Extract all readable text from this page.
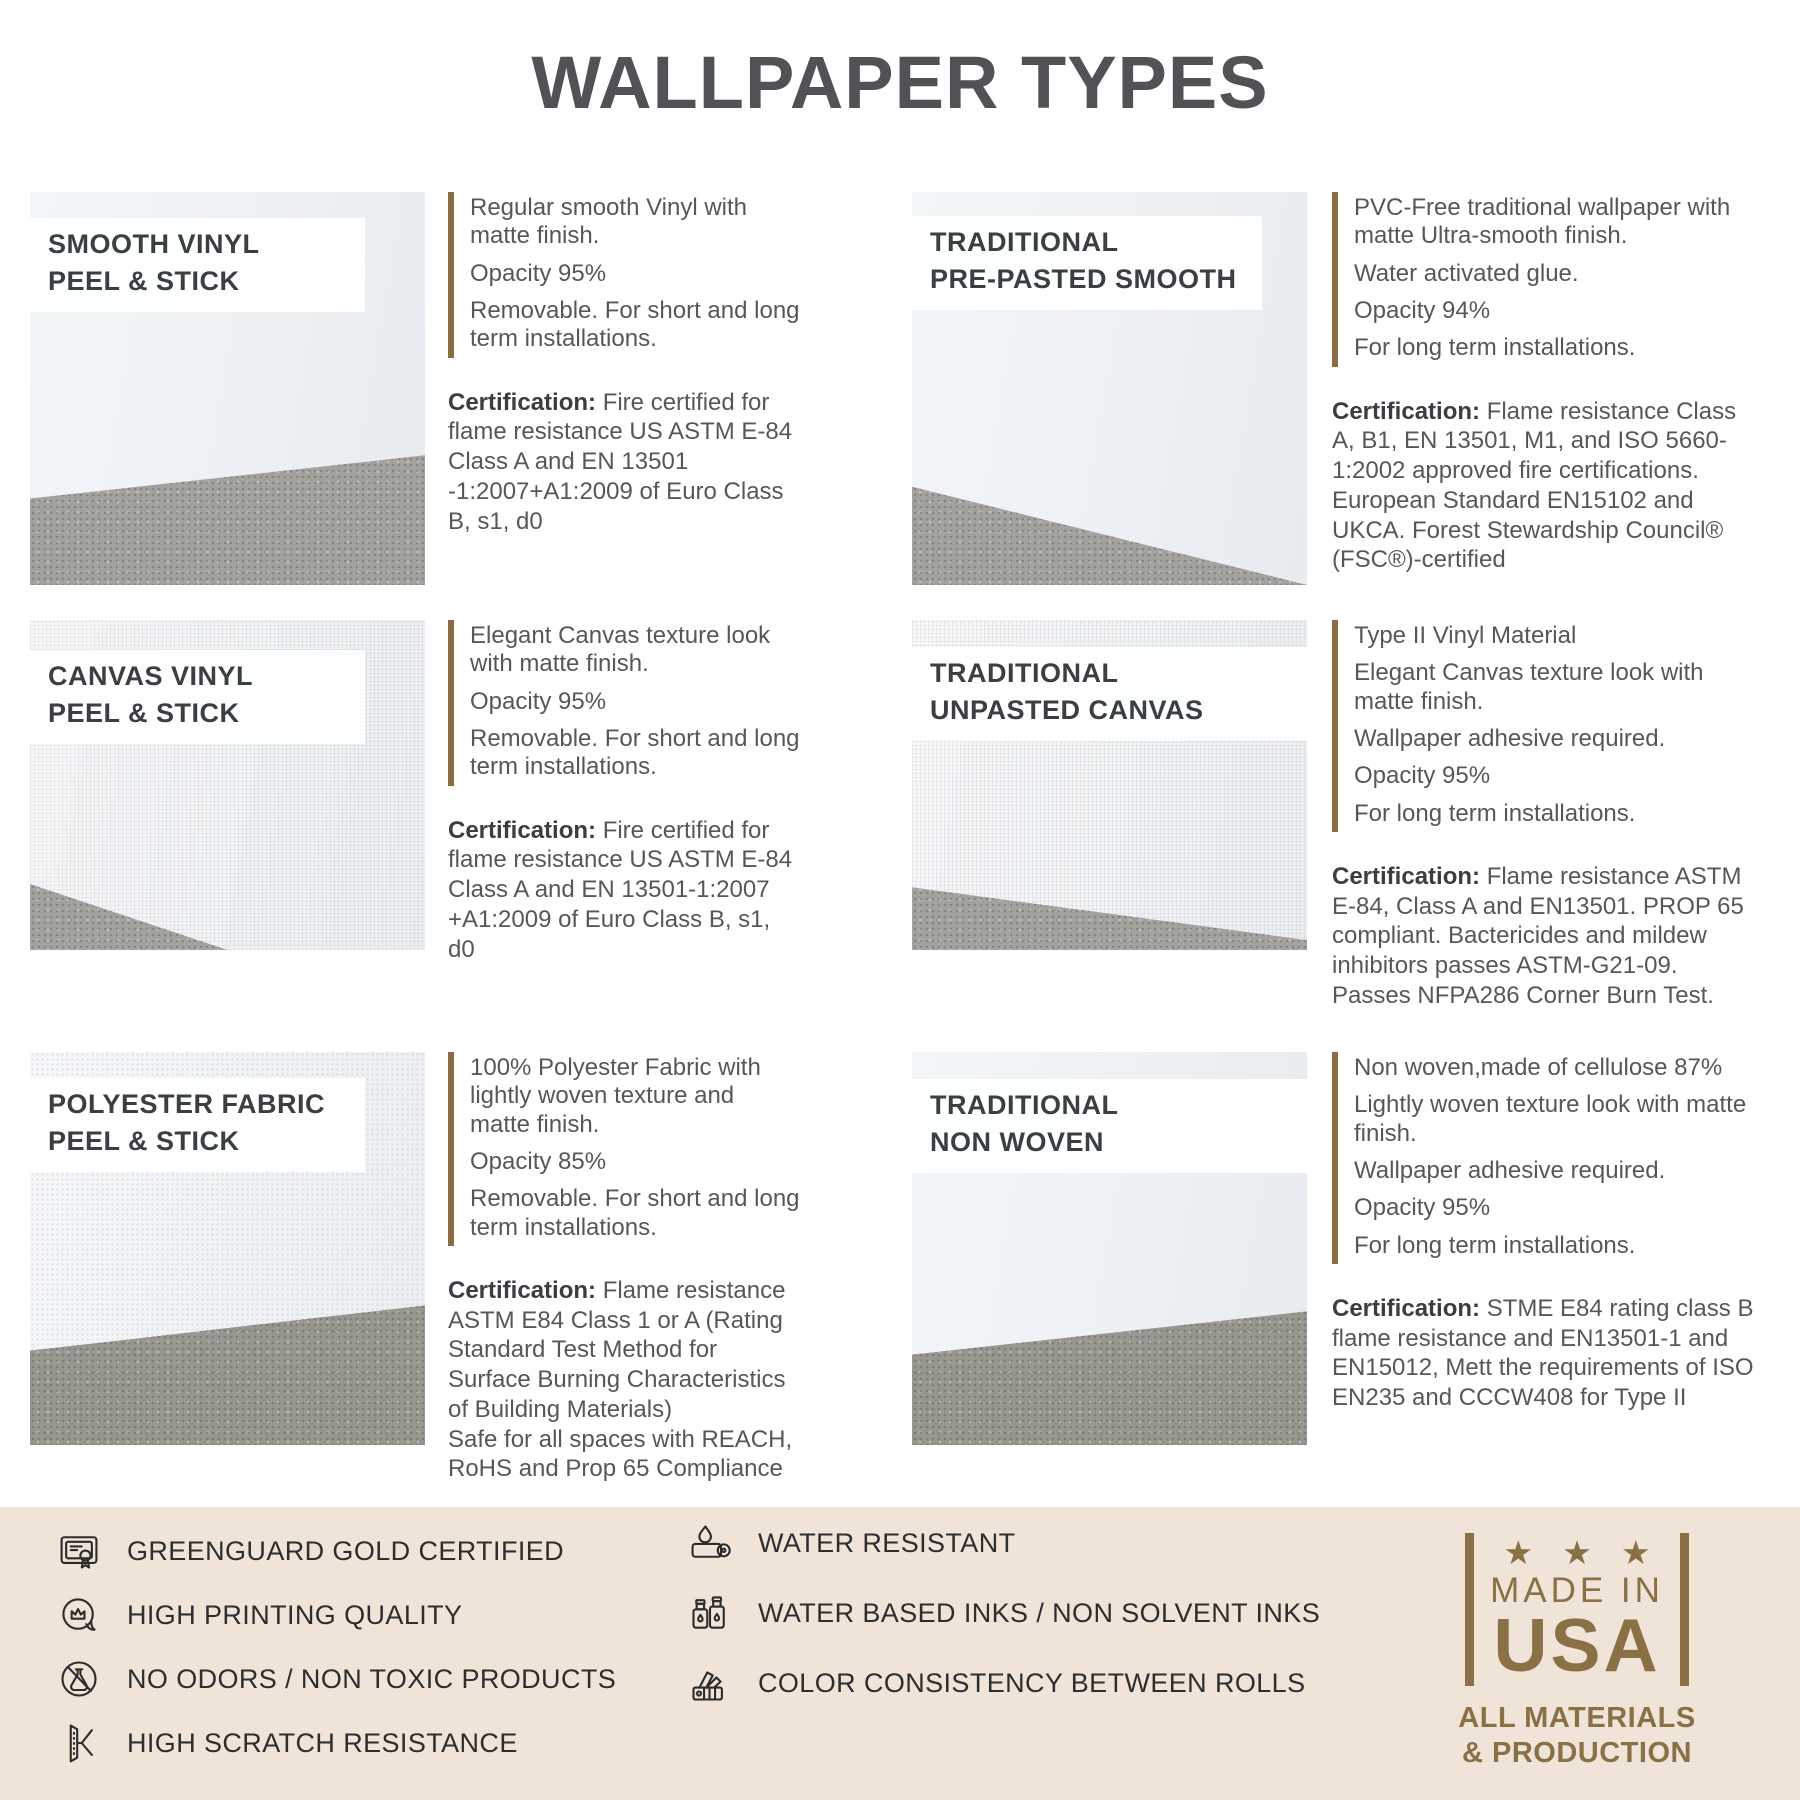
WALLPAPER TYPES
SMOOTH VINYL
PEEL & STICK
Regular smooth Vinyl with matte finish.
Opacity 95%
Removable. For short and long term installations.

Certification: Fire certified for flame resistance US ASTM E-84 Class A and EN 13501 -1:2007+A1:2009 of Euro Class B, s1, d0

TRADITIONAL
PRE-PASTED SMOOTH
PVC-Free traditional wallpaper with matte Ultra-smooth finish.
Water activated glue.
Opacity 94%
For long term installations.

Certification: Flame resistance Class A, B1, EN 13501, M1, and ISO 5660-1:2002 approved fire certifications. European Standard EN15102 and UKCA. Forest Stewardship Council® (FSC®)-certified

CANVAS VINYL
PEEL & STICK
Elegant Canvas texture look with matte finish.
Opacity 95%
Removable. For short and long term installations.

Certification: Fire certified for flame resistance US ASTM E-84 Class A and EN 13501-1:2007 +A1:2009 of Euro Class B, s1, d0

TRADITIONAL
UNPASTED CANVAS
Type II Vinyl Material
Elegant Canvas texture look with matte finish.
Wallpaper adhesive required.
Opacity 95%
For long term installations.

Certification: Flame resistance ASTM E-84, Class A and EN13501. PROP 65 compliant. Bactericides and mildew inhibitors passes ASTM-G21-09. Passes NFPA286 Corner Burn Test.

POLYESTER FABRIC
PEEL & STICK
100% Polyester Fabric with lightly woven texture and matte finish.
Opacity 85%
Removable. For short and long term installations.

Certification: Flame resistance ASTM E84 Class 1 or A (Rating Standard Test Method for Surface Burning Characteristics of Building Materials)

Safe for all spaces with REACH, RoHS and Prop 65 Compliance
TRADITIONAL
NON WOVEN
Non woven,made of cellulose 87%
Lightly woven texture look with matte finish.
Wallpaper adhesive required.
Opacity 95%
For long term installations.

Certification: STME E84 rating class B flame resistance and EN13501-1 and EN15012, Mett the requirements of ISO EN235 and CCCW408 for Type II

GREENGUARD GOLD CERTIFIED
HIGH PRINTING QUALITY
NO ODORS / NON TOXIC PRODUCTS
HIGH SCRATCH RESISTANCE
WATER RESISTANT
WATER BASED INKS / NON SOLVENT INKS
COLOR CONSISTENCY BETWEEN ROLLS
★ ★ ★
MADE IN
USA
ALL MATERIALS
& PRODUCTION
